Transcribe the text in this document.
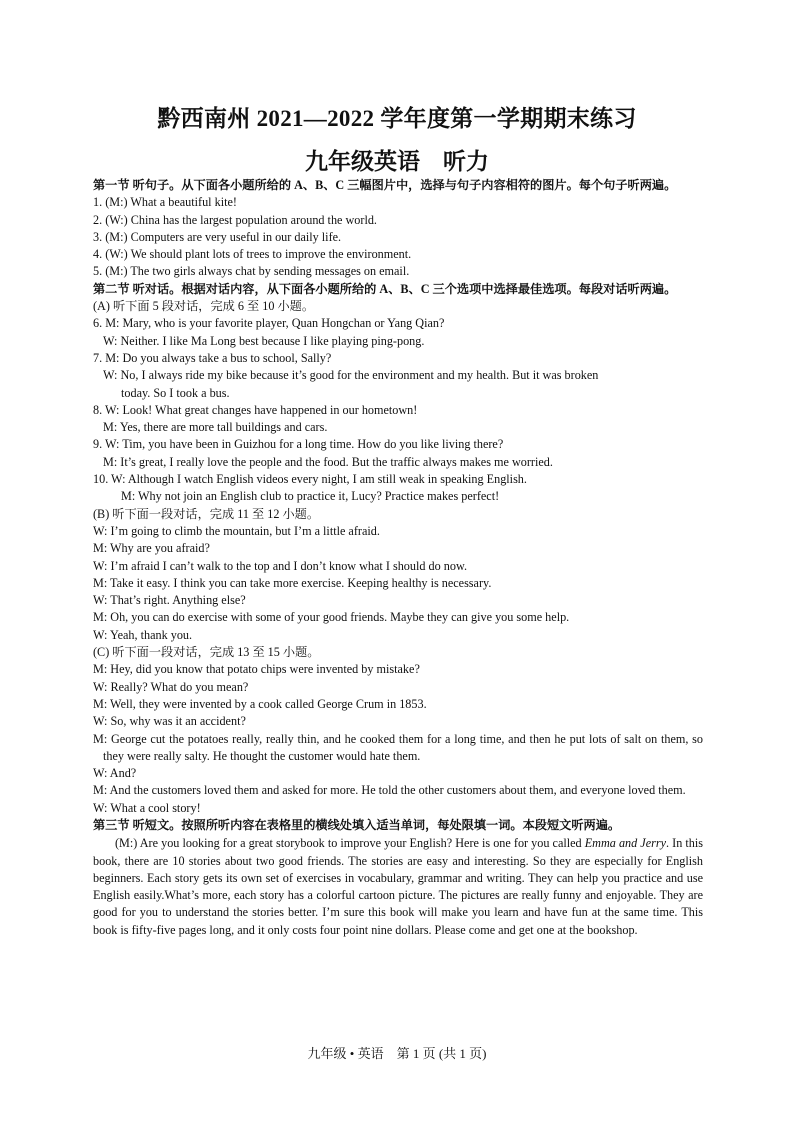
黔西南州 2021—2022 学年度第一学期期末练习
九年级英语　听力
第一节 听句子。从下面各小题所给的 A、B、C 三幅图片中，选择与句子内容相符的图片。每个句子听两遍。
1. (M:) What a beautiful kite!
2. (W:) China has the largest population around the world.
3. (M:) Computers are very useful in our daily life.
4. (W:) We should plant lots of trees to improve the environment.
5. (M:) The two girls always chat by sending messages on email.
第二节 听对话。根据对话内容，从下面各小题所给的 A、B、C 三个选项中选择最佳选项。每段对话听两遍。
(A) 听下面 5 段对话，完成 6 至 10 小题。
6. M: Mary, who is your favorite player, Quan Hongchan or Yang Qian?
W: Neither. I like Ma Long best because I like playing ping-pong.
7. M: Do you always take a bus to school, Sally?
W: No, I always ride my bike because it’s good for the environment and my health. But it was broken
today. So I took a bus.
8. W: Look! What great changes have happened in our hometown!
M: Yes, there are more tall buildings and cars.
9. W: Tim, you have been in Guizhou for a long time. How do you like living there?
M: It’s great, I really love the people and the food. But the traffic always makes me worried.
10. W: Although I watch English videos every night, I am still weak in speaking English.
M: Why not join an English club to practice it, Lucy? Practice makes perfect!
(B) 听下面一段对话，完成 11 至 12 小题。
W: I’m going to climb the mountain, but I’m a little afraid.
M: Why are you afraid?
W: I’m afraid I can’t walk to the top and I don’t know what I should do now.
M: Take it easy. I think you can take more exercise. Keeping healthy is necessary.
W: That’s right. Anything else?
M: Oh, you can do exercise with some of your good friends. Maybe they can give you some help.
W: Yeah, thank you.
(C) 听下面一段对话，完成 13 至 15 小题。
M: Hey, did you know that potato chips were invented by mistake?
W: Really? What do you mean?
M: Well, they were invented by a cook called George Crum in 1853.
W: So, why was it an accident?
M: George cut the potatoes really, really thin, and he cooked them for a long time, and then he put lots of salt on them, so they were really salty. He thought the customer would hate them.
W: And?
M: And the customers loved them and asked for more. He told the other customers about them, and everyone loved them.
W: What a cool story!
第三节 听短文。按照所听内容在表格里的横线处填入适当单词，每处限填一词。本段短文听两遍。
(M:) Are you looking for a great storybook to improve your English? Here is one for you called Emma and Jerry. In this book, there are 10 stories about two good friends. The stories are easy and interesting. So they are especially for English beginners. Each story gets its own set of exercises in vocabulary, grammar and writing. They can help you practice and use English easily.What’s more, each story has a colorful cartoon picture. The pictures are really funny and enjoyable. They are good for you to understand the stories better. I’m sure this book will make you learn and have fun at the same time. This book is fifty-five pages long, and it only costs four point nine dollars. Please come and get one at the bookshop.
九年级 • 英语　第 1 页 (共 1 页)
